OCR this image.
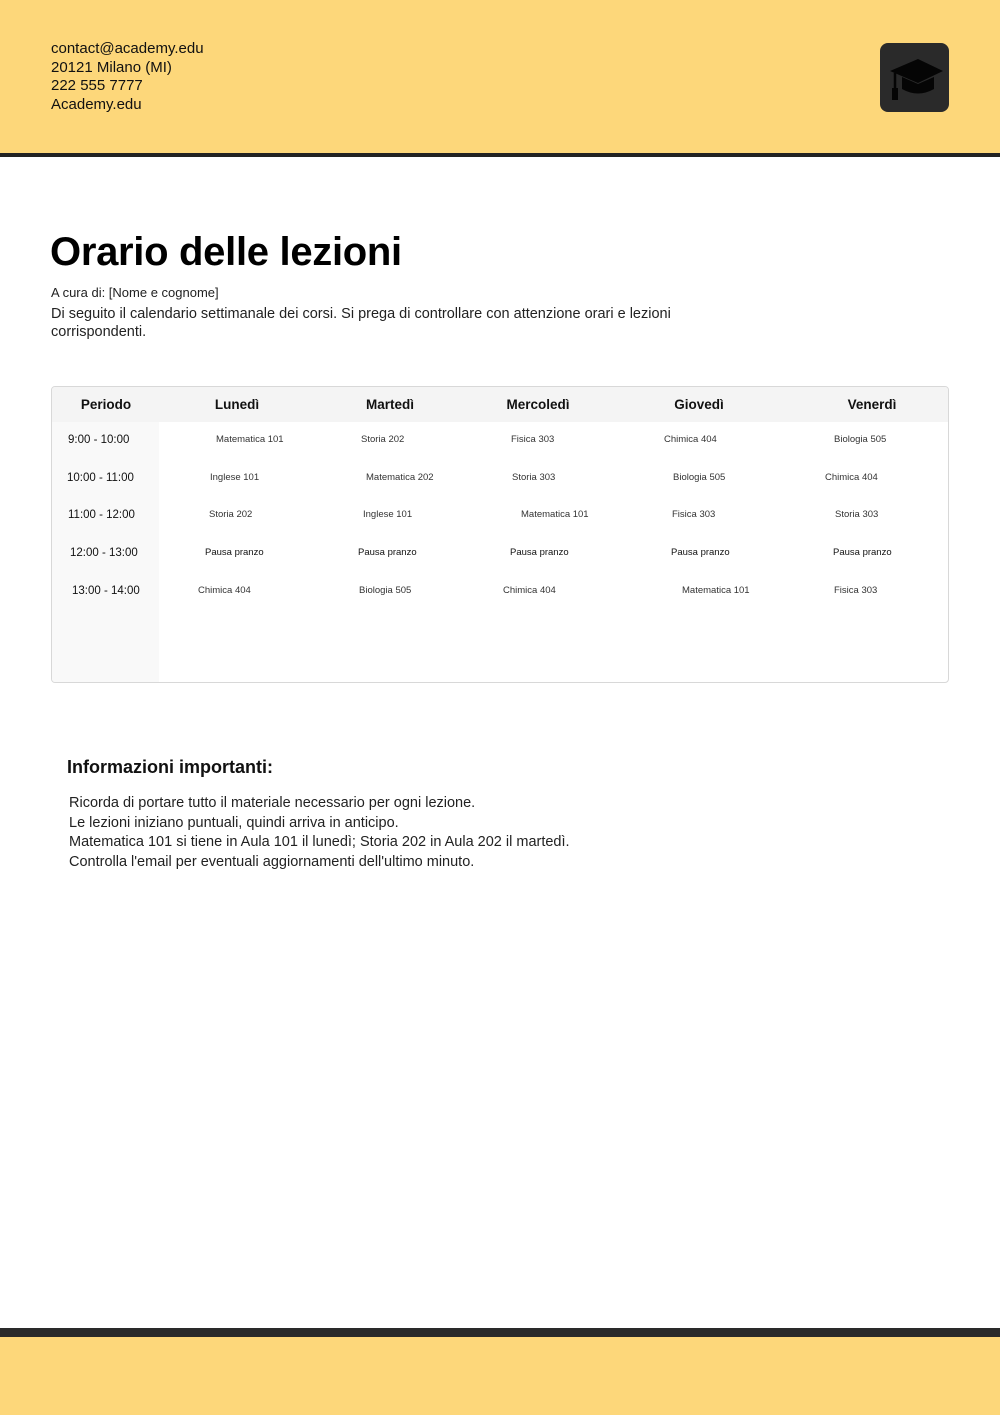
contact@academy.edu
20121 Milano (MI)
222 555 7777
Academy.edu
Orario delle lezioni
A cura di: [Nome e cognome]

Di seguito il calendario settimanale dei corsi. Si prega di controllare con attenzione orari e lezioni corrispondenti.

Periodo	Lunedì	Martedì	Mercoledì	Giovedì	Venerdì
9:00 - 10:00	Matematica 101	Storia 202	Fisica 303	Chimica 404	Biologia 505
10:00 - 11:00	Inglese 101	Matematica 202	Storia 303	Biologia 505	Chimica 404
11:00 - 12:00	Storia 202	Inglese 101	Matematica 101	Fisica 303	Storia 303
12:00 - 13:00	Pausa pranzo	Pausa pranzo	Pausa pranzo	Pausa pranzo	Pausa pranzo
13:00 - 14:00	Chimica 404	Biologia 505	Chimica 404	Matematica 101	Fisica 303
Informazioni importanti:
Ricorda di portare tutto il materiale necessario per ogni lezione.
Le lezioni iniziano puntuali, quindi arriva in anticipo.
Matematica 101 si tiene in Aula 101 il lunedì; Storia 202 in Aula 202 il martedì.
Controlla l'email per eventuali aggiornamenti dell'ultimo minuto.
